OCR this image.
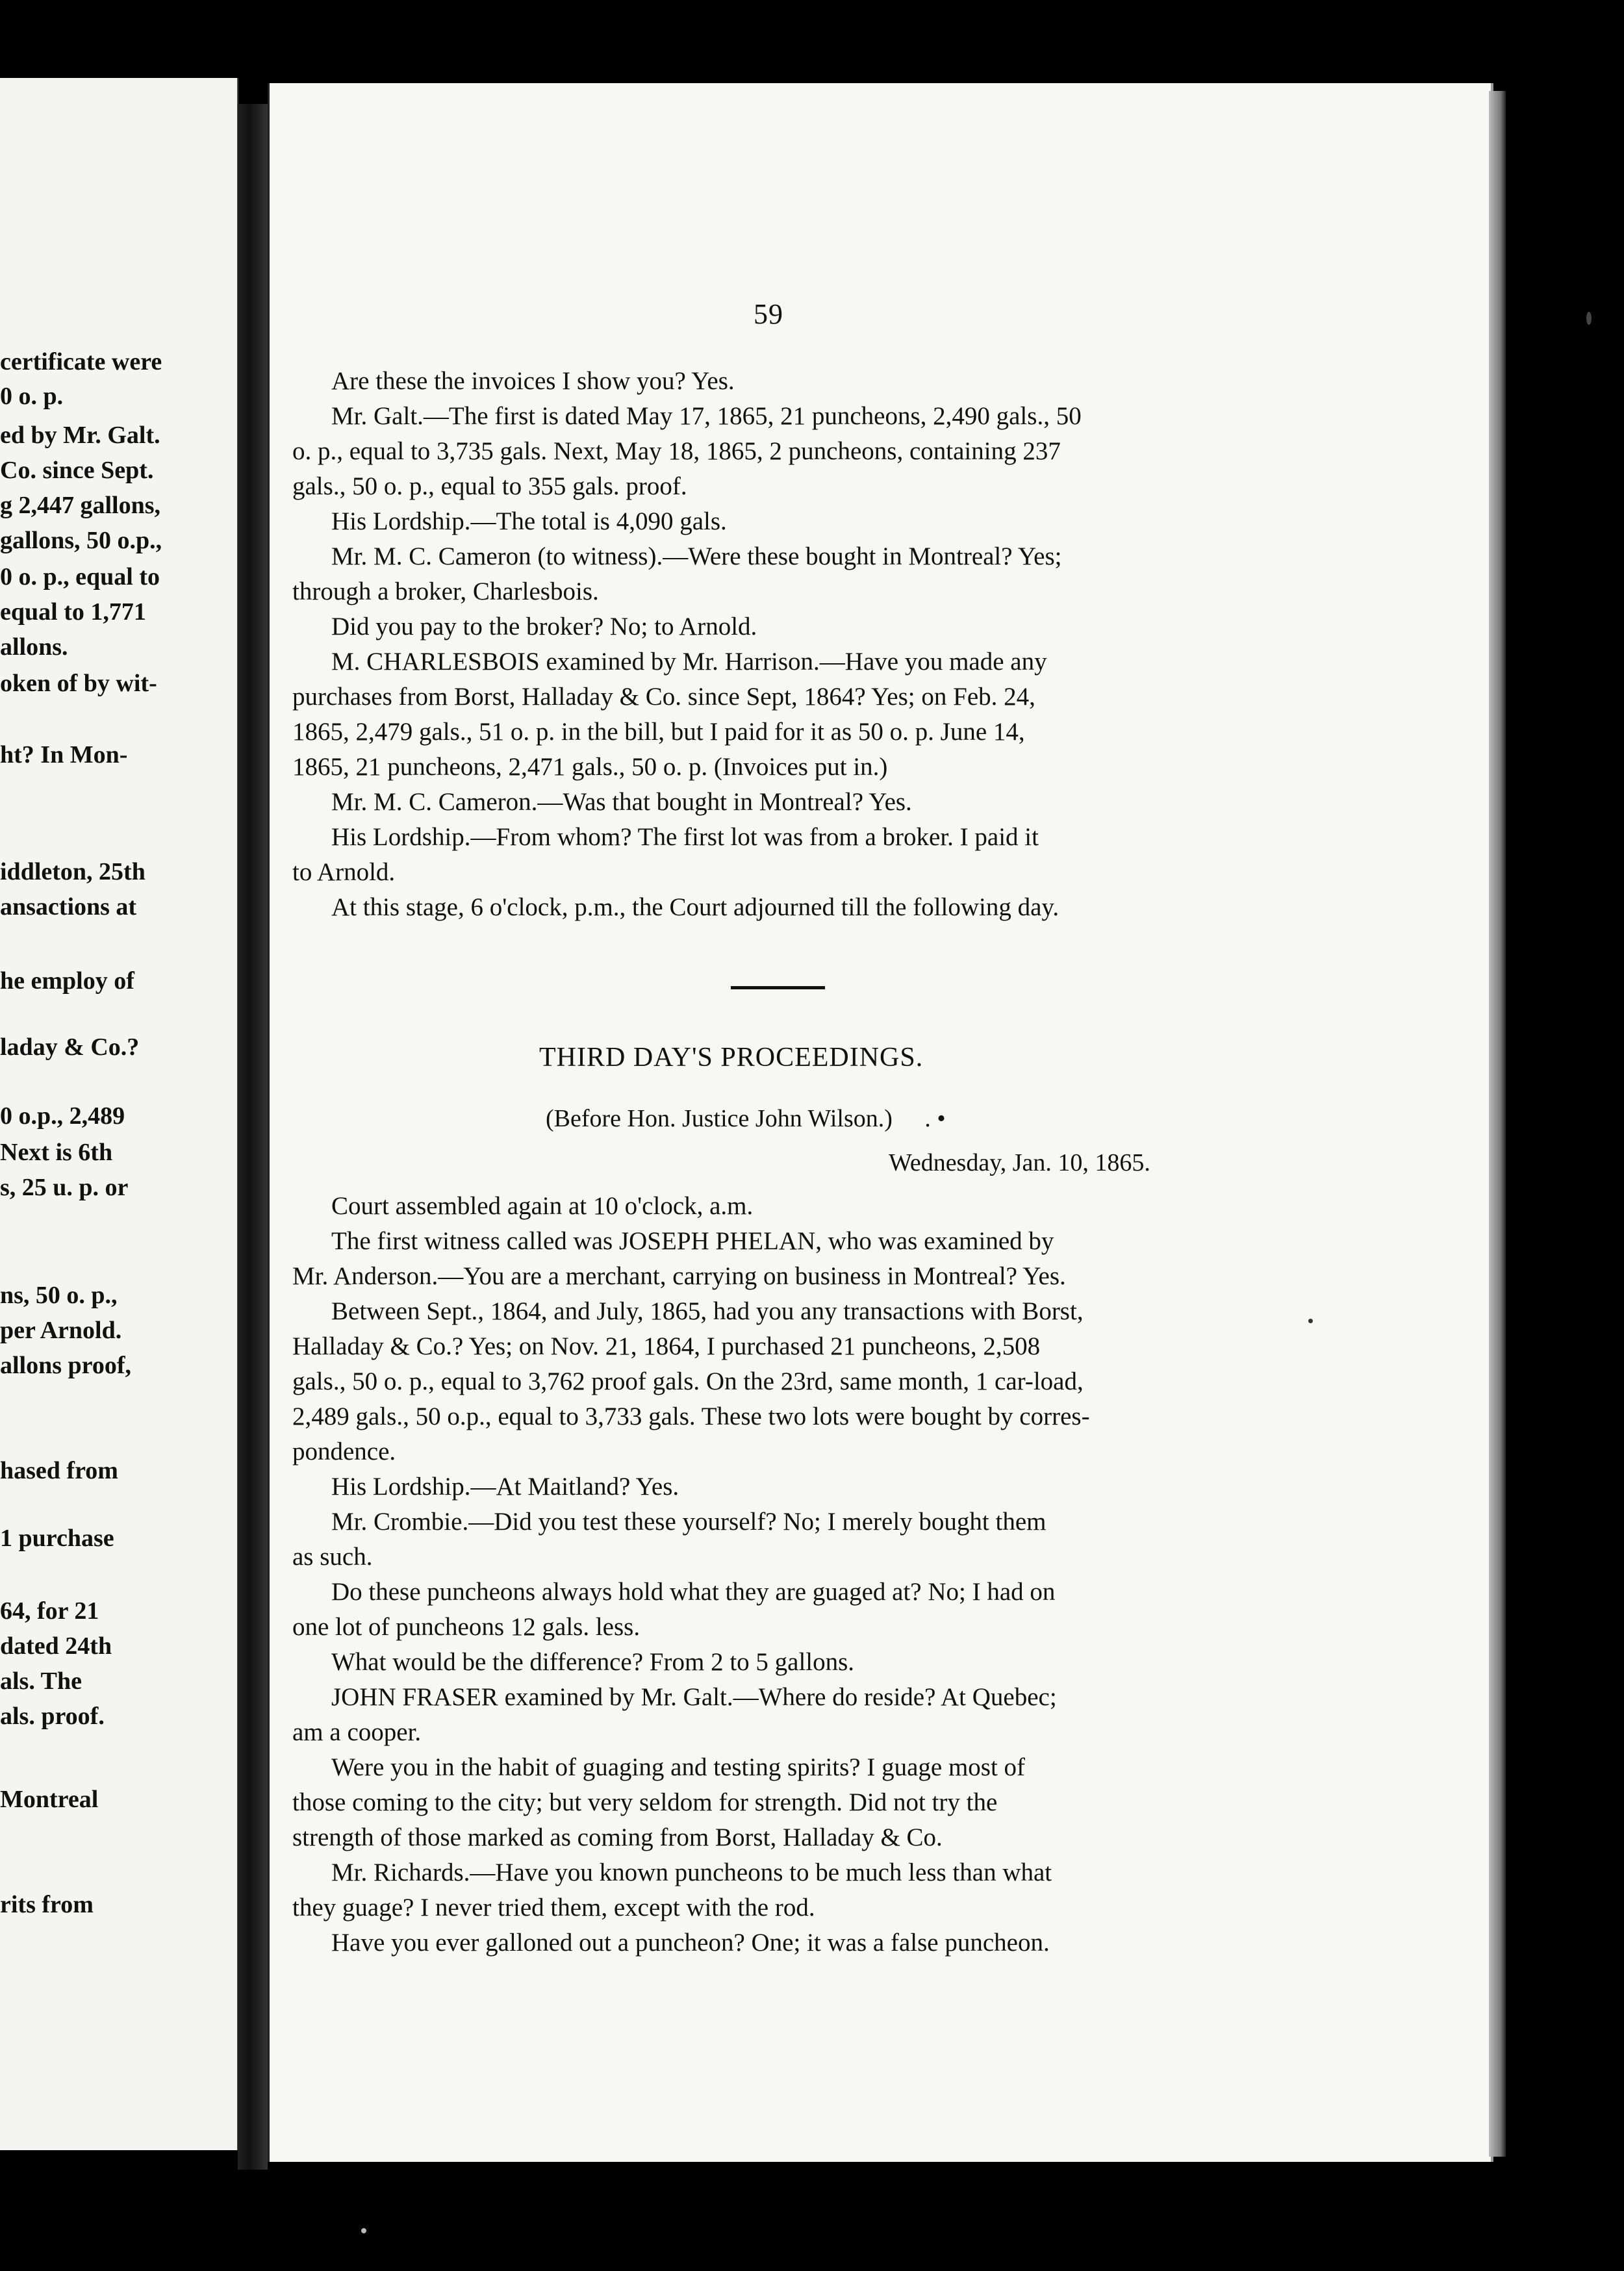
certificate were
0 o. p.
ed by Mr. Galt.
Co. since Sept.
g 2,447 gallons,
gallons, 50 o.p.,
0 o. p., equal to
equal to 1,771
allons.
oken of by wit-
ht? In Mon-
iddleton, 25th
ansactions at
he employ of
laday & Co.?
0 o.p., 2,489
Next is 6th
s, 25 u. p. or
ns, 50 o. p.,
per Arnold.
allons proof,
hased from
1 purchase
64, for 21
dated 24th
als. The
als. proof.
Montreal
rits from
59
Are these the invoices I show you? Yes.
Mr. Galt.—The first is dated May 17, 1865, 21 puncheons, 2,490 gals., 50
o. p., equal to 3,735 gals. Next, May 18, 1865, 2 puncheons, containing 237
gals., 50 o. p., equal to 355 gals. proof.
His Lordship.—The total is 4,090 gals.
Mr. M. C. Cameron (to witness).—Were these bought in Montreal? Yes;
through a broker, Charlesbois.
Did you pay to the broker? No; to Arnold.
M. CHARLESBOIS examined by Mr. Harrison.—Have you made any
purchases from Borst, Halladay & Co. since Sept, 1864? Yes; on Feb. 24,
1865, 2,479 gals., 51 o. p. in the bill, but I paid for it as 50 o. p. June 14,
1865, 21 puncheons, 2,471 gals., 50 o. p. (Invoices put in.)
Mr. M. C. Cameron.—Was that bought in Montreal? Yes.
His Lordship.—From whom? The first lot was from a broker. I paid it
to Arnold.
At this stage, 6 o'clock, p.m., the Court adjourned till the following day.
THIRD DAY'S PROCEEDINGS.
(Before Hon. Justice John Wilson.) . •
Wednesday, Jan. 10, 1865.
Court assembled again at 10 o'clock, a.m.
The first witness called was JOSEPH PHELAN, who was examined by
Mr. Anderson.—You are a merchant, carrying on business in Montreal? Yes.
Between Sept., 1864, and July, 1865, had you any transactions with Borst,
Halladay & Co.? Yes; on Nov. 21, 1864, I purchased 21 puncheons, 2,508
gals., 50 o. p., equal to 3,762 proof gals. On the 23rd, same month, 1 car-load,
2,489 gals., 50 o.p., equal to 3,733 gals. These two lots were bought by corres-
pondence.
His Lordship.—At Maitland? Yes.
Mr. Crombie.—Did you test these yourself? No; I merely bought them
as such.
Do these puncheons always hold what they are guaged at? No; I had on
one lot of puncheons 12 gals. less.
What would be the difference? From 2 to 5 gallons.
JOHN FRASER examined by Mr. Galt.—Where do reside? At Quebec;
am a cooper.
Were you in the habit of guaging and testing spirits? I guage most of
those coming to the city; but very seldom for strength. Did not try the
strength of those marked as coming from Borst, Halladay & Co.
Mr. Richards.—Have you known puncheons to be much less than what
they guage? I never tried them, except with the rod.
Have you ever galloned out a puncheon? One; it was a false puncheon.
